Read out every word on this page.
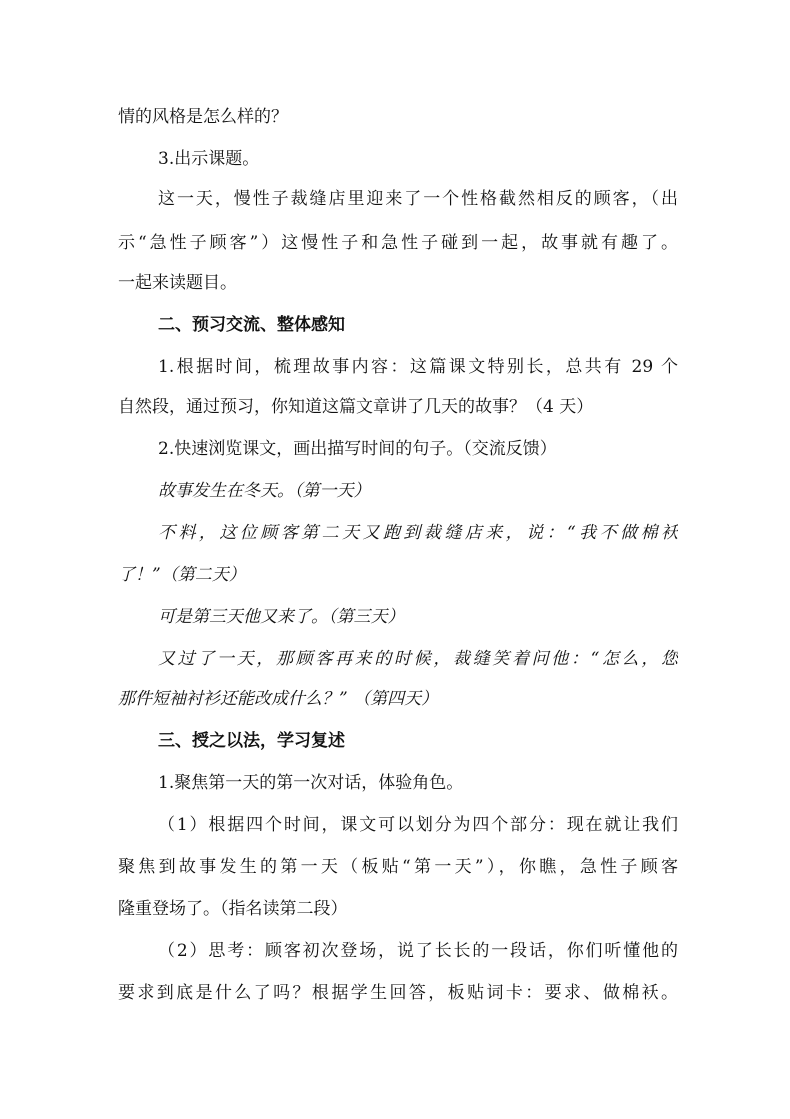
情的风格是怎么样的？
3.出示课题。
这一天，慢性子裁缝店里迎来了一个性格截然相反的顾客，（出
示“急性子顾客”）这慢性子和急性子碰到一起，故事就有趣了。
一起来读题目。
二、预习交流、整体感知
1.根据时间，梳理故事内容：这篇课文特别长，总共有 29 个
自然段，通过预习，你知道这篇文章讲了几天的故事？（4 天）
2.快速浏览课文，画出描写时间的句子。（交流反馈）
故事发生在冬天。（第一天）
不料，这位顾客第二天又跑到裁缝店来，说：“我不做棉袄
了！”（第二天）
可是第三天他又来了。（第三天）
又过了一天，那顾客再来的时候，裁缝笑着问他：“怎么，您
那件短袖衬衫还能改成什么？” （第四天）
三、授之以法，学习复述
1.聚焦第一天的第一次对话，体验角色。
（1）根据四个时间，课文可以划分为四个部分：现在就让我们
聚焦到故事发生的第一天（板贴“第一天”），你瞧，急性子顾客
隆重登场了。（指名读第二段）
（2）思考：顾客初次登场，说了长长的一段话，你们听懂他的
要求到底是什么了吗？根据学生回答，板贴词卡：要求、做棉袄。
